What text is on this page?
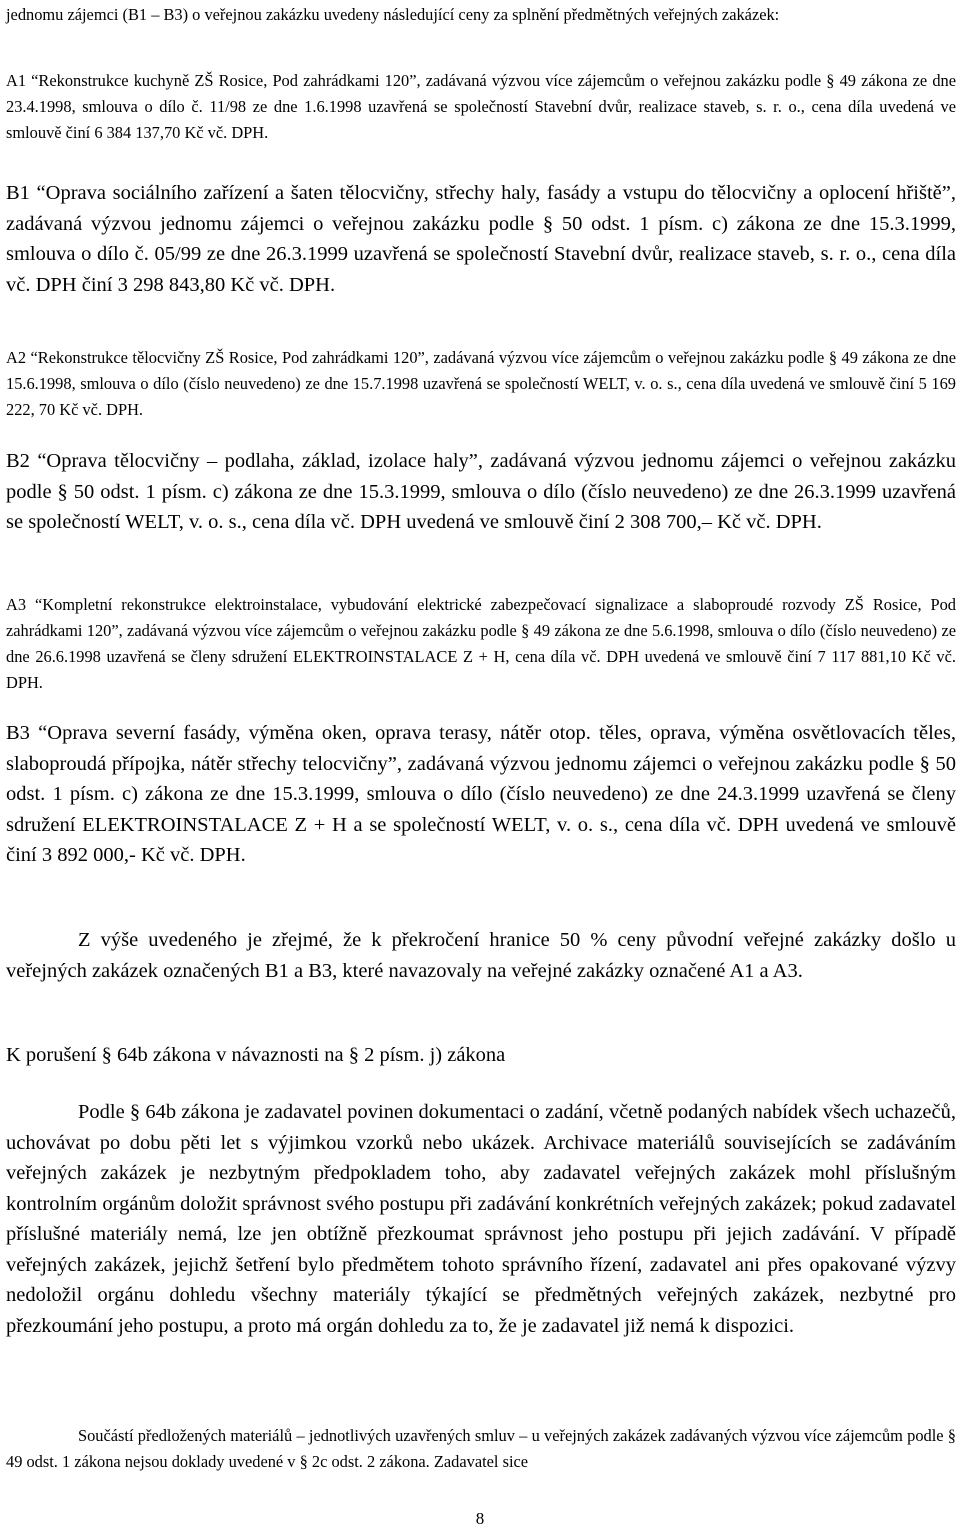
jednomu zájemci (B1 – B3) o veřejnou zakázku uvedeny následující ceny za splnění předmětných veřejných zakázek:

A1 “Rekonstrukce kuchyně ZŠ Rosice, Pod zahrádkami 120”, zadávaná výzvou více zájemcům o veřejnou zakázku podle § 49 zákona ze dne 23.4.1998, smlouva o dílo č. 11/98 ze dne 1.6.1998 uzavřená se společností Stavební dvůr, realizace staveb, s. r. o., cena díla uvedená ve smlouvě činí 6 384 137,70 Kč vč. DPH.

B1 “Oprava sociálního zařízení a šaten tělocvičny, střechy haly, fasády a vstupu do tělocvičny a oplocení hřiště”, zadávaná výzvou jednomu zájemci o veřejnou zakázku podle § 50 odst. 1 písm. c) zákona ze dne 15.3.1999, smlouva o dílo č. 05/99 ze dne 26.3.1999 uzavřená se společností Stavební dvůr, realizace staveb, s. r. o., cena díla vč. DPH činí 3 298 843,80 Kč vč. DPH.

A2 “Rekonstrukce tělocvičny ZŠ Rosice, Pod zahrádkami 120”, zadávaná výzvou více zájemcům o veřejnou zakázku podle § 49 zákona ze dne 15.6.1998, smlouva o dílo (číslo neuvedeno) ze dne 15.7.1998 uzavřená se společností WELT, v. o. s., cena díla uvedená ve smlouvě činí 5 169 222, 70 Kč vč. DPH.

B2 “Oprava tělocvičny – podlaha, základ, izolace haly”, zadávaná výzvou jednomu zájemci o veřejnou zakázku podle § 50 odst. 1 písm. c) zákona ze dne 15.3.1999, smlouva o dílo (číslo neuvedeno) ze dne 26.3.1999 uzavřená se společností WELT, v. o. s., cena díla vč. DPH uvedená ve smlouvě činí 2 308 700,– Kč vč. DPH.

A3 “Kompletní rekonstrukce elektroinstalace, vybudování elektrické zabezpečovací signalizace a slaboproudé rozvody ZŠ Rosice, Pod zahrádkami 120”, zadávaná výzvou více zájemcům o veřejnou zakázku podle § 49 zákona ze dne 5.6.1998, smlouva o dílo (číslo neuvedeno) ze dne 26.6.1998 uzavřená se členy sdružení ELEKTROINSTALACE Z + H, cena díla vč. DPH uvedená ve smlouvě činí 7 117 881,10 Kč vč. DPH.

B3 “Oprava severní fasády, výměna oken, oprava terasy, nátěr otop. těles, oprava, výměna osvětlovacích těles, slaboproudá přípojka, nátěr střechy telocvičny”, zadávaná výzvou jednomu zájemci o veřejnou zakázku podle § 50 odst. 1 písm. c) zákona ze dne 15.3.1999, smlouva o dílo (číslo neuvedeno) ze dne 24.3.1999 uzavřená se členy sdružení ELEKTROINSTALACE Z + H a se společností WELT, v. o. s., cena díla vč. DPH uvedená ve smlouvě činí 3 892 000,- Kč vč. DPH.

Z výše uvedeného je zřejmé, že k překročení hranice 50 % ceny původní veřejné zakázky došlo u veřejných zakázek označených B1 a B3, které navazovaly na veřejné zakázky označené A1 a A3.

K porušení § 64b zákona v návaznosti na § 2 písm. j) zákona

Podle § 64b zákona je zadavatel povinen dokumentaci o zadání, včetně podaných nabídek všech uchazečů, uchovávat po dobu pěti let s výjimkou vzorků nebo ukázek. Archivace materiálů souvisejících se zadáváním veřejných zakázek je nezbytným předpokladem toho, aby zadavatel veřejných zakázek mohl příslušným kontrolním orgánům doložit správnost svého postupu při zadávání konkrétních veřejných zakázek; pokud zadavatel příslušné materiály nemá, lze jen obtížně přezkoumat správnost jeho postupu při jejich zadávání. V případě veřejných zakázek, jejichž šetření bylo předmětem tohoto správního řízení, zadavatel ani přes opakované výzvy nedoložil orgánu dohledu všechny materiály týkající se předmětných veřejných zakázek, nezbytné pro přezkoumání jeho postupu, a proto má orgán dohledu za to, že je zadavatel již nemá k dispozici.

Součástí předložených materiálů – jednotlivých uzavřených smluv – u veřejných zakázek zadávaných výzvou více zájemcům podle § 49 odst. 1 zákona nejsou doklady uvedené v § 2c odst. 2 zákona. Zadavatel sice

8
